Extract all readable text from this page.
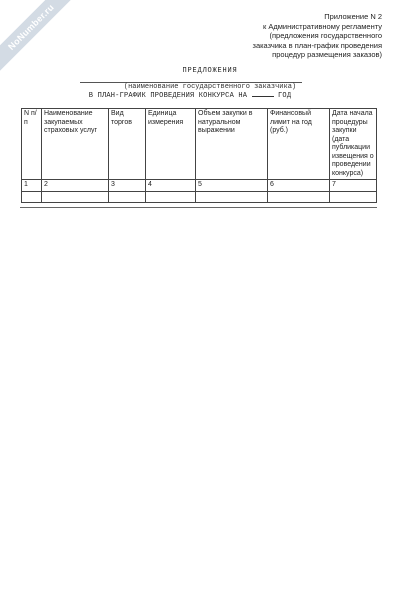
NoNumber.ru	Приложение N 2
к Административному регламенту
(предложения государственного
заказчика в план-график проведения
процедур размещения заказов)
ПРЕДЛОЖЕНИЯ
(наименование государственного заказчика)
В ПЛАН-ГРАФИК ПРОВЕДЕНИЯ КОНКУРСА НА	ГОД
N п/п	Наименование закупаемых страховых услуг	Вид торгов	Единица измерения	Объем закупки в натуральном выражении	Финансовый лимит на год (руб.)	Дата начала процедуры закупки (дата публикации извещения о проведении конкурса)
1	2	3	4	5	6	7
